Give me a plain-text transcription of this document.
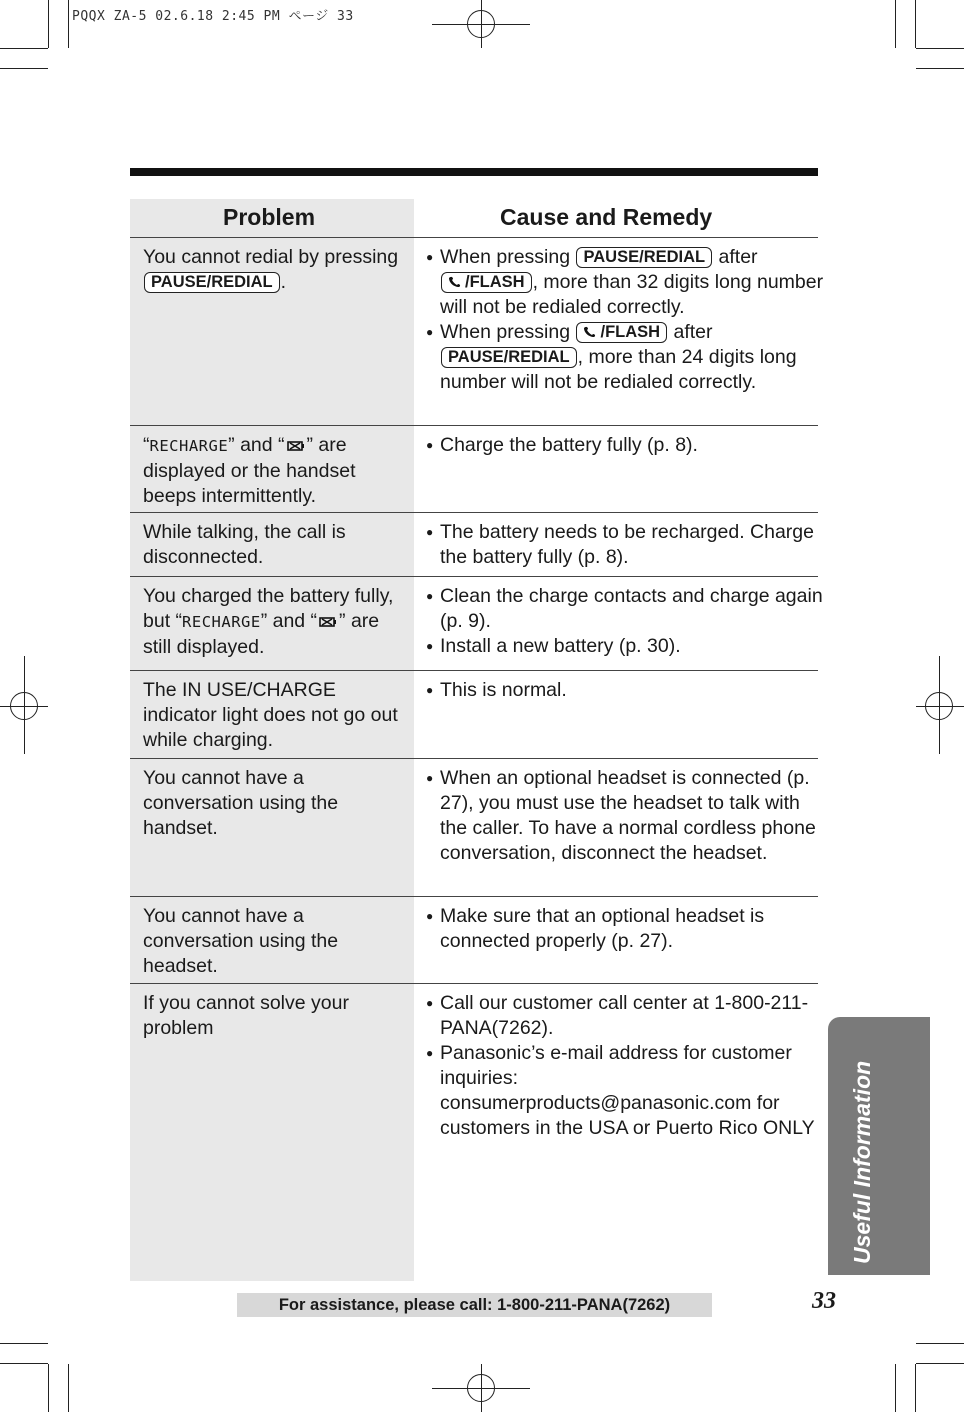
PQQX ZA-5 02.6.18 2:45 PM ページ 33
Problem	Cause and Remedy
You cannot redial by pressing PAUSE/REDIAL .
● When pressing PAUSE/REDIAL after /FLASH , more than 32 digits long number will not be redialed correctly.
● When pressing /FLASH after PAUSE/REDIAL , more than 24 digits long number will not be redialed correctly.
“RECHARGE” and “ ” are displayed or the handset beeps intermittently.
● Charge the battery fully (p. 8).
While talking, the call is disconnected.
● The battery needs to be recharged. Charge the battery fully (p. 8).
You charged the battery fully, but “RECHARGE” and “ ” are still displayed.
● Clean the charge contacts and charge again (p. 9).
● Install a new battery (p. 30).
The IN USE/CHARGE indicator light does not go out while charging.
● This is normal.
You cannot have a conversation using the handset.
● When an optional headset is connected (p. 27), you must use the headset to talk with the caller. To have a normal cordless phone conversation, disconnect the headset.
You cannot have a conversation using the headset.
● Make sure that an optional headset is connected properly (p. 27).
If you cannot solve your problem
● Call our customer call center at 1-800-211-PANA(7262).
● Panasonic’s e-mail address for customer inquiries: consumerproducts@panasonic.com for customers in the USA or Puerto Rico ONLY
For assistance, please call: 1-800-211-PANA(7262)	33
Useful Information
